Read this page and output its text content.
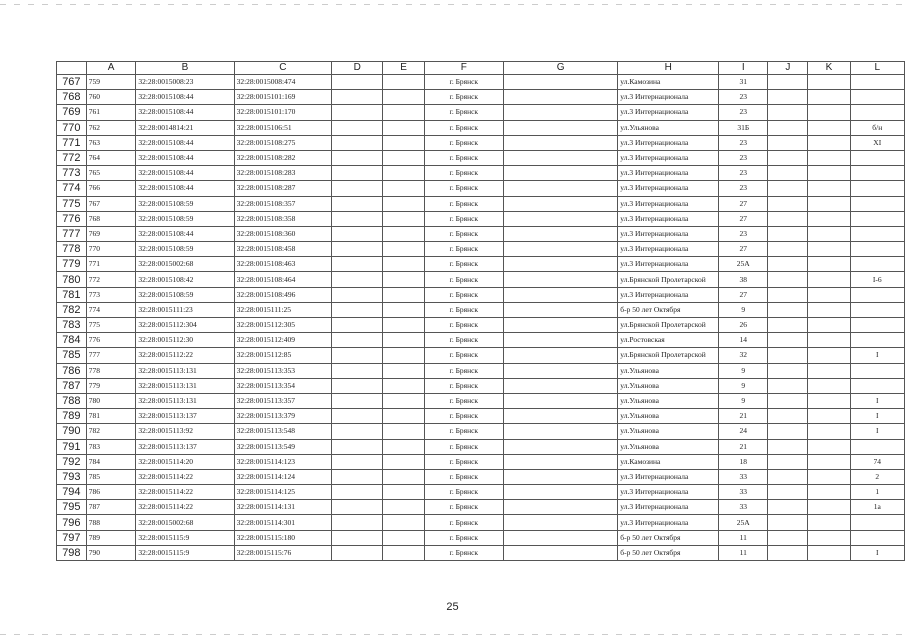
	A	B	C	D	E	F	G	H	I	J	K	L
767	759	32:28:0015008:23	32:28:0015008:474			г. Брянск		ул.Камозина	31			
768	760	32:28:0015108:44	32:28:0015101:169			г. Брянск		ул.3 Интернационала	23			
769	761	32:28:0015108:44	32:28:0015101:170			г. Брянск		ул.3 Интернационала	23			
770	762	32:28:0014814:21	32:28:0015106:51			г. Брянск		ул.Ульянова	31Б			б/н
771	763	32:28:0015108:44	32:28:0015108:275			г. Брянск		ул.3 Интернационала	23			XI
772	764	32:28:0015108:44	32:28:0015108:282			г. Брянск		ул.3 Интернационала	23			
773	765	32:28:0015108:44	32:28:0015108:283			г. Брянск		ул.3 Интернационала	23			
774	766	32:28:0015108:44	32:28:0015108:287			г. Брянск		ул.3 Интернационала	23			
775	767	32:28:0015108:59	32:28:0015108:357			г. Брянск		ул.3 Интернационала	27			
776	768	32:28:0015108:59	32:28:0015108:358			г. Брянск		ул.3 Интернационала	27			
777	769	32:28:0015108:44	32:28:0015108:360			г. Брянск		ул.3 Интернационала	23			
778	770	32:28:0015108:59	32:28:0015108:458			г. Брянск		ул.3 Интернационала	27			
779	771	32:28:0015002:68	32:28:0015108:463			г. Брянск		ул.3 Интернационала	25А			
780	772	32:28:0015108:42	32:28:0015108:464			г. Брянск		ул.Брянской Пролетарской	38			I-6
781	773	32:28:0015108:59	32:28:0015108:496			г. Брянск		ул.3 Интернационала	27			
782	774	32:28:0015111:23	32:28:0015111:25			г. Брянск		б-р 50 лет Октября	9			
783	775	32:28:0015112:304	32:28:0015112:305			г. Брянск		ул.Брянской Пролетарской	26			
784	776	32:28:0015112:30	32:28:0015112:409			г. Брянск		ул.Ростовская	14			
785	777	32:28:0015112:22	32:28:0015112:85			г. Брянск		ул.Брянской Пролетарской	32			I
786	778	32:28:0015113:131	32:28:0015113:353			г. Брянск		ул.Ульянова	9			
787	779	32:28:0015113:131	32:28:0015113:354			г. Брянск		ул.Ульянова	9			
788	780	32:28:0015113:131	32:28:0015113:357			г. Брянск		ул.Ульянова	9			I
789	781	32:28:0015113:137	32:28:0015113:379			г. Брянск		ул.Ульянова	21			I
790	782	32:28:0015113:92	32:28:0015113:548			г. Брянск		ул.Ульянова	24			I
791	783	32:28:0015113:137	32:28:0015113:549			г. Брянск		ул.Ульянова	21			
792	784	32:28:0015114:20	32:28:0015114:123			г. Брянск		ул.Камозина	18			74
793	785	32:28:0015114:22	32:28:0015114:124			г. Брянск		ул.3 Интернационала	33			2
794	786	32:28:0015114:22	32:28:0015114:125			г. Брянск		ул.3 Интернационала	33			1
795	787	32:28:0015114:22	32:28:0015114:131			г. Брянск		ул.3 Интернационала	33			1а
796	788	32:28:0015002:68	32:28:0015114:301			г. Брянск		ул.3 Интернационала	25А			
797	789	32:28:0015115:9	32:28:0015115:180			г. Брянск		б-р 50 лет Октября	11			
798	790	32:28:0015115:9	32:28:0015115:76			г. Брянск		б-р 50 лет Октября	11			I
25
